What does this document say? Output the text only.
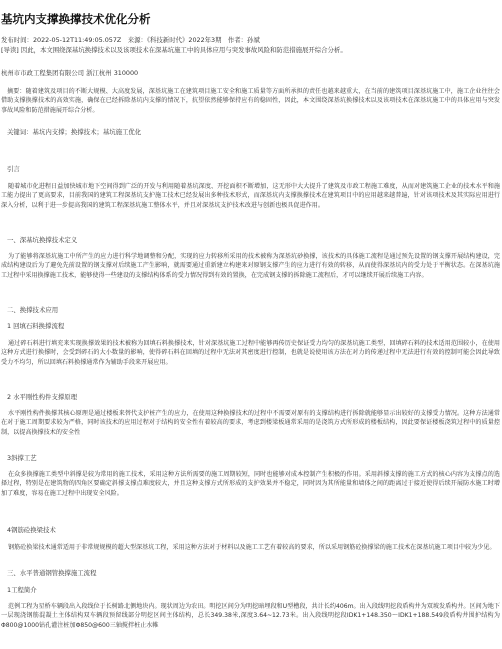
基坑内支撑换撑技术优化分析
发布时间：2022-05-12T11:49:05.057Z　来源：《科技新时代》2022年3期　作者：孙斌
[导读] 因此，本文围绕深基坑换撑技术以及该项技术在深基坑施工中的具体应用与突发事故风险和防范措施展开综合分析。
杭州市市政工程集团有限公司 浙江杭州 310000
摘要：随着建筑及项目的不断大规模、大高度发展，深基坑施工在建筑项目施工安全和施工质量等方面所承担的责任也越来越重大，在当前的建筑项目深基坑施工中，施工企业往往会借助支撑换撑技术的高效实施，确保在已经拆除基坑内支撑的情况下，抗望依然能够保持应有的稳固性，因此，本文围绕深基坑换撑技术以及该项技术在深基坑施工中的具体应用与突发事故风险和防范措施展开综合分析。
关键词：基坑内支撑；换撑技术；基坑施工优化
引言
随着城市化进程日益加快城市地下空间得到广泛的开发与利用随着基坑深度、开挖面积不断增加，这无形中大大提升了建筑及市政工程施工难度，从而对建筑施工企业的技术水平和施工能力提出了更高要求，目前我国的建筑工程深基坑支护施工技术已经发展出多种技术形式，而深基坑内支撑换撑技术在建筑项目中的应用越来越普遍，针对该项技术及其实际应用进行深入分析，以利于进一步提高我国的建筑工程深基坑施工整体水平，并且对深基坑支护技术改进与创新也极具促进作用。
一、深基坑换撑技术定义
为了能够将深基坑施工中所产生的应力进行科学地调整和分配，实现的应力转移所采用的技术被称为深基坑砂换撑，该技术的具体施工流程是通过预先设置的钢支撑开展结构建设，完成结构建设后为了避免先前设置的钢支撑对后续施工产生影响，就需要通过重新建立构建来对原钢支撑产生的应力进行有效的转移，从而使得深基坑内的受力处于平衡状态。在深基坑施工过程中采用换撑施工技术，能够使得一些建设的支撑结构体系的受力情况得到有效的置换，在完成钢支撑的拆除施工流程后，才可以继续开展后续施工内容。
二、换撑技术应用
1 回填石料换撑流程
通过碎石料进行填充来实现换撑效果的技术被称为回填石料换撑技术，针对深基坑施工过程中能够再传历史保证受力均匀的深基坑施工类型，回填碎石料的技术适用范围较小，在使用这种方式进行换撑时，会受到碎石的大小数量的影响，使得碎石料在回填的过程中无法对其密度进行控制，也就是说使用该方法在对力的传递过程中无法进行有效的控制可能会因此导致受力不均匀，所以回填石料换撑通常作为辅助手段来开展应用。
2 水平刚性构件支撑原理
水平刚性构件换撑其核心原理是通过楼板来替代支护桩产生的应力，在使用这种换撑技术的过程中不需要对原有的支撑结构进行拆除就能够显示出较好的支撑受力情况。这种方法通常在对于施工周期要求较为严格，同时该技术的应用过程对于结构的安全性有着较高的要求，考虑到楼梁板通常采用的是浇筑方式所形成的楼板结构，因此要保证楼板浇筑过程中的质量控制，以提高换撑技术的安全性
3斜撑工艺
在众多换撑施工类型中斜撑是较为常用的施工技术，采用这种方法所需要的施工周期较短，同时也能够对成本控制产生积极的作用。采用斜撑支撑的施工方式的核心内容为支撑点的选择过程，特别是在建筑物的四角区要确定斜撑支撑点难度较大，并且这种支撑方式所形成的支护效果并不稳定，同时因为其所能量和墙体之间的距离过于接近使得后续开展防水施工时增加了难度，容易在施工过程中出现安全风险。
4钢筋砼换梁技术
钢筋砼换梁技术通常适用于非常规规模的超大型深基坑工程，采用这种方法对于材料以及施工工艺有着较高的要求，所以采用钢筋砼换撑梁的施工技术在深基坑施工项目中较为少见。
三、水平普通钢管换撑施工流程
1工程简介
范例工程为星桥车辆段出入段线位于长树路北侧地块内。现状周边为农田。明挖区间分为明挖暗埋段和U型槽段，共计长约406m。出入段线明挖段盾构井为双坡发盾构井。区间为地下一层现浇钢筋混凝土主体结构双车辆段预留线部分明挖区间主体结构，总长349.38米,深度3.64~12.73米。出入段线明挖段IDK1+148.350～IDK1+188.549段盾构井围护结构为Φ800@1000钻孔灌注桩加Φ850@600三轴搅拌桩止水帷
